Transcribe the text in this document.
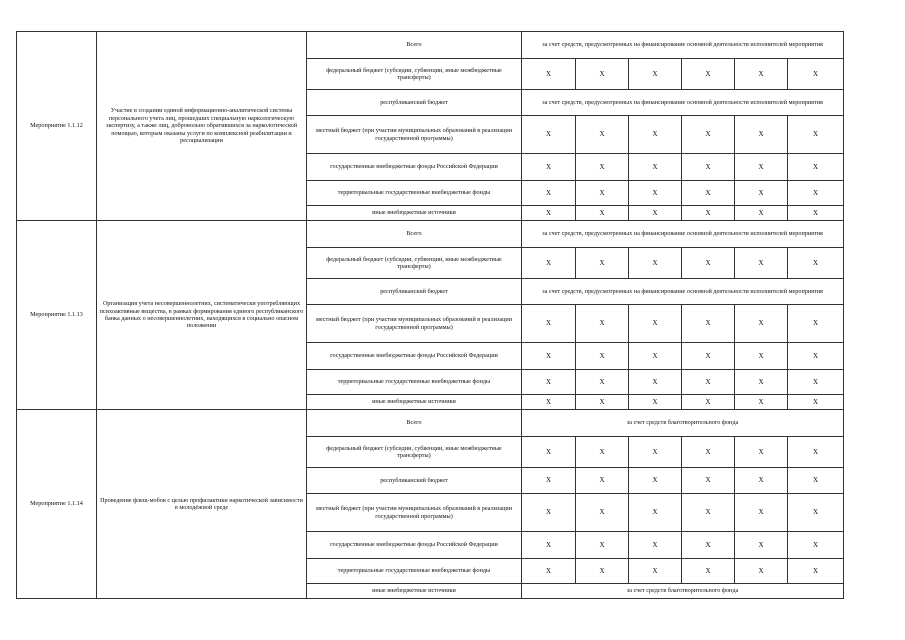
Мероприятие 1.1.12	Участие в создании единой информационно-аналитической системы персонального учета лиц, прошедших специальную наркологическую экспертизу, а также лиц, добровольно обратившихся за наркологической помощью, которым оказаны услуги по комплексной реабилитации и ресоциализации	Всего	за счет средств, предусмотренных на финансирование основной деятельности исполнителей мероприятия					
		федеральный бюджет (субсидии, субвенции, иные межбюджетные трансферты)	X	X	X	X	X	X
		республиканский бюджет	за счет средств, предусмотренных на финансирование основной деятельности исполнителей мероприятия					
		местный бюджет (при участии муниципальных образований в реализации государственной программы)	X	X	X	X	X	X
		государственные внебюджетные фонды Российской Федерации	X	X	X	X	X	X
		территориальные государственные внебюджетные фонды	X	X	X	X	X	X
		иные внебюджетные источники	X	X	X	X	X	X
Мероприятие 1.1.13	Организация учета несовершеннолетних, систематически употребляющих психоактивные вещества, в рамках формирования единого республиканского банка данных о несовершеннолетних, находящихся в социально опасном положении	Всего	за счет средств, предусмотренных на финансирование основной деятельности исполнителей мероприятия					
		федеральный бюджет (субсидии, субвенции, иные межбюджетные трансферты)	X	X	X	X	X	X
		республиканский бюджет	за счет средств, предусмотренных на финансирование основной деятельности исполнителей мероприятия					
		местный бюджет (при участии муниципальных образований в реализации государственной программы)	X	X	X	X	X	X
		государственные внебюджетные фонды Российской Федерации	X	X	X	X	X	X
		территориальные государственные внебюджетные фонды	X	X	X	X	X	X
		иные внебюджетные источники	X	X	X	X	X	X
Мероприятие 1.1.14	Проведение флеш-мобов с целью профилактики наркотической зависимости в молодёжной среде	Всего	за счет средств благотворительного фонда					
		федеральный бюджет (субсидии, субвенции, иные межбюджетные трансферты)	X	X	X	X	X	X
		республиканский бюджет	X	X	X	X	X	X
		местный бюджет (при участии муниципальных образований в реализации государственной программы)	X	X	X	X	X	X
		государственные внебюджетные фонды Российской Федерации	X	X	X	X	X	X
		территориальные государственные внебюджетные фонды	X	X	X	X	X	X
		иные внебюджетные источники	за счет средств благотворительного фонда					
